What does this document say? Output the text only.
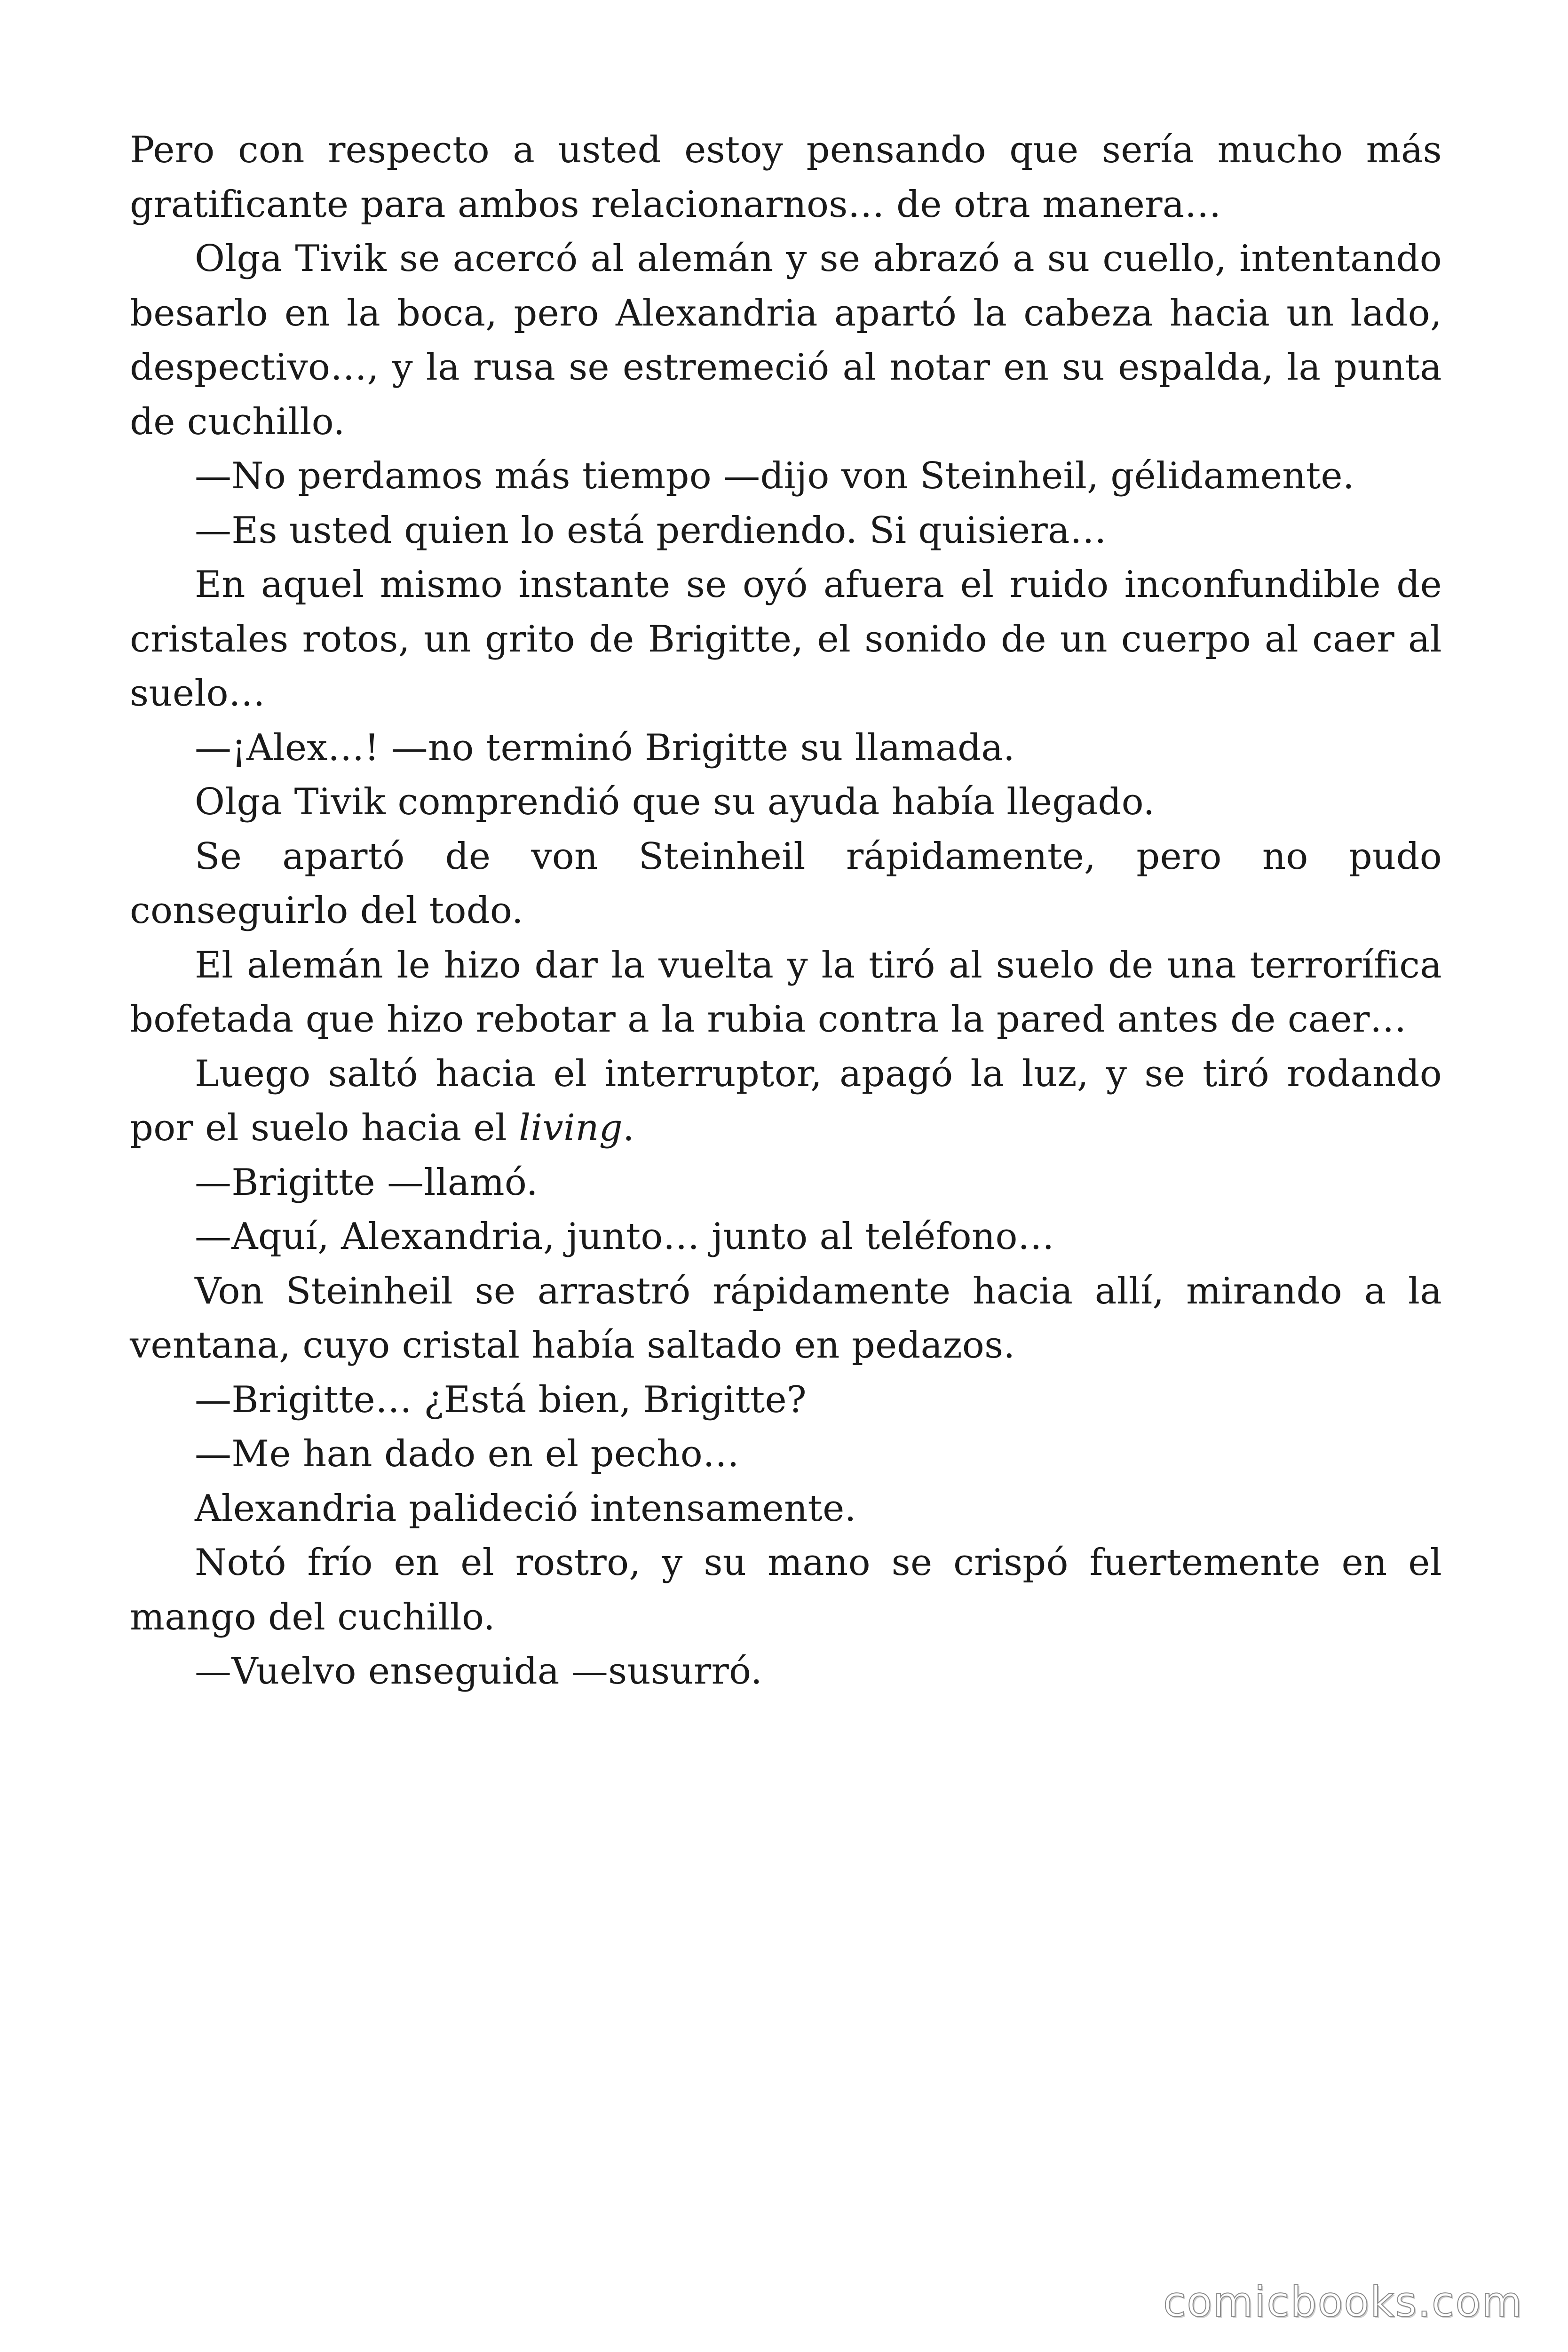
Pero con respecto a usted estoy pensando que sería mucho más gratificante para ambos relacionarnos… de otra manera…

Olga Tivik se acercó al alemán y se abrazó a su cuello, intentando besarlo en la boca, pero Alexandria apartó la cabeza hacia un lado, despectivo…, y la rusa se estremeció al notar en su espalda, la punta de cuchillo.

—No perdamos más tiempo —dijo von Steinheil, gélidamente.

—Es usted quien lo está perdiendo. Si quisiera…

En aquel mismo instante se oyó afuera el ruido inconfundible de cristales rotos, un grito de Brigitte, el sonido de un cuerpo al caer al suelo…

—¡Alex…! —no terminó Brigitte su llamada.

Olga Tivik comprendió que su ayuda había llegado.

Se apartó de von Steinheil rápidamente, pero no pudo conseguirlo del todo.

El alemán le hizo dar la vuelta y la tiró al suelo de una terrorífica bofetada que hizo rebotar a la rubia contra la pared antes de caer…

Luego saltó hacia el interruptor, apagó la luz, y se tiró rodando por el suelo hacia el living.

—Brigitte —llamó.

—Aquí, Alexandria, junto… junto al teléfono…

Von Steinheil se arrastró rápidamente hacia allí, mirando a la ventana, cuyo cristal había saltado en pedazos.

—Brigitte… ¿Está bien, Brigitte?

—Me han dado en el pecho…

Alexandria palideció intensamente.

Notó frío en el rostro, y su mano se crispó fuertemente en el mango del cuchillo.

—Vuelvo enseguida —susurró.

comicbooks.com
